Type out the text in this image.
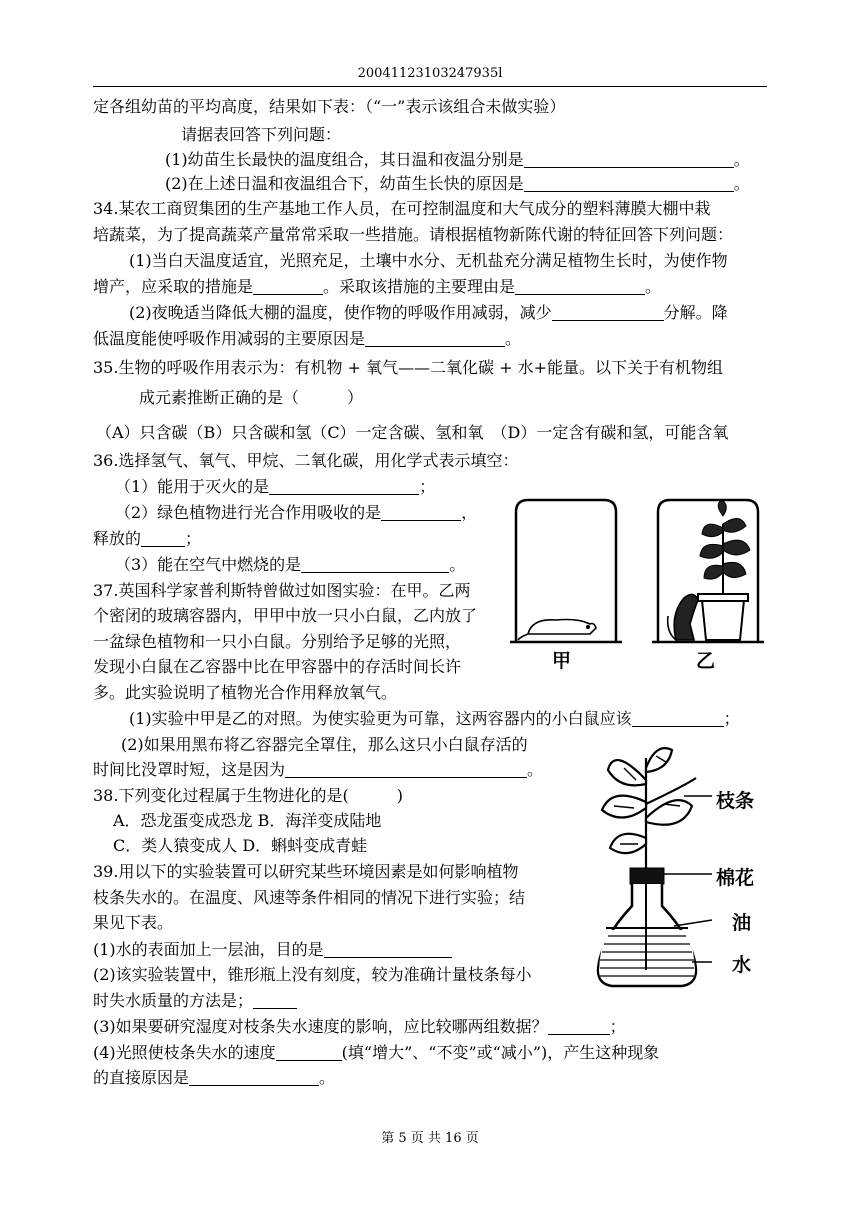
20041123103247935l
定各组幼苗的平均高度，结果如下表：（“一”表示该组合未做实验）
请据表回答下列问题：
(1)幼苗生长最快的温度组合，其日温和夜温分别是	。
(2)在上述日温和夜温组合下，幼苗生长快的原因是	。
34.某农工商贸集团的生产基地工作人员，在可控制温度和大气成分的塑料薄膜大棚中栽
培蔬菜，为了提高蔬菜产量常常采取一些措施。请根据植物新陈代谢的特征回答下列问题：
(1)当白天温度适宜，光照充足，土壤中水分、无机盐充分满足植物生长时，为使作物
增产，应采取的措施是	。采取该措施的主要理由是	。
(2)夜晚适当降低大棚的温度，使作物的呼吸作用减弱，减少	分解。降
低温度能使呼吸作用减弱的主要原因是	。
35.生物的呼吸作用表示为：有机物 + 氧气——二氧化碳 + 水+能量。以下关于有机物组
成元素推断正确的是（　　　）
（A）只含碳（B）只含碳和氢（C）一定含碳、氢和氧　（D）一定含有碳和氢，可能含氧
36.选择氢气、氧气、甲烷、二氧化碳，用化学式表示填空：
（1）能用于灭火的是	；
（2）绿色植物进行光合作用吸收的是	，
释放的	；
（3）能在空气中燃烧的是	。
37.英国科学家普利斯特曾做过如图实验：在甲。乙两
个密闭的玻璃容器内，甲甲中放一只小白鼠，乙内放了
一盆绿色植物和一只小白鼠。分别给予足够的光照，
发现小白鼠在乙容器中比在甲容器中的存活时间长许
多。此实验说明了植物光合作用释放氧气。
(1)实验中甲是乙的对照。为使实验更为可靠，这两容器内的小白鼠应该	；
(2)如果用黑布将乙容器完全罩住，那么这只小白鼠存活的
时间比没罩时短，这是因为	。
38.下列变化过程属于生物进化的是(　　　)
A．恐龙蛋变成恐龙 B．海洋变成陆地
C．类人猿变成人 D．蝌蚪变成青蛙
39.用以下的实验装置可以研究某些环境因素是如何影响植物
枝条失水的。在温度、风速等条件相同的情况下进行实验；结
果见下表。
(1)水的表面加上一层油，目的是
(2)该实验装置中，锥形瓶上没有刻度，较为准确计量枝条每小
时失水质量的方法是；
(3)如果要研究湿度对枝条失水速度的影响，应比较哪两组数据？	；
(4)光照使枝条失水的速度	(填“增大”、“不变”或“减小”)，产生这种现象
的直接原因是	。
甲	乙
枝条
棉花
油
水
第 5 页 共 16 页
